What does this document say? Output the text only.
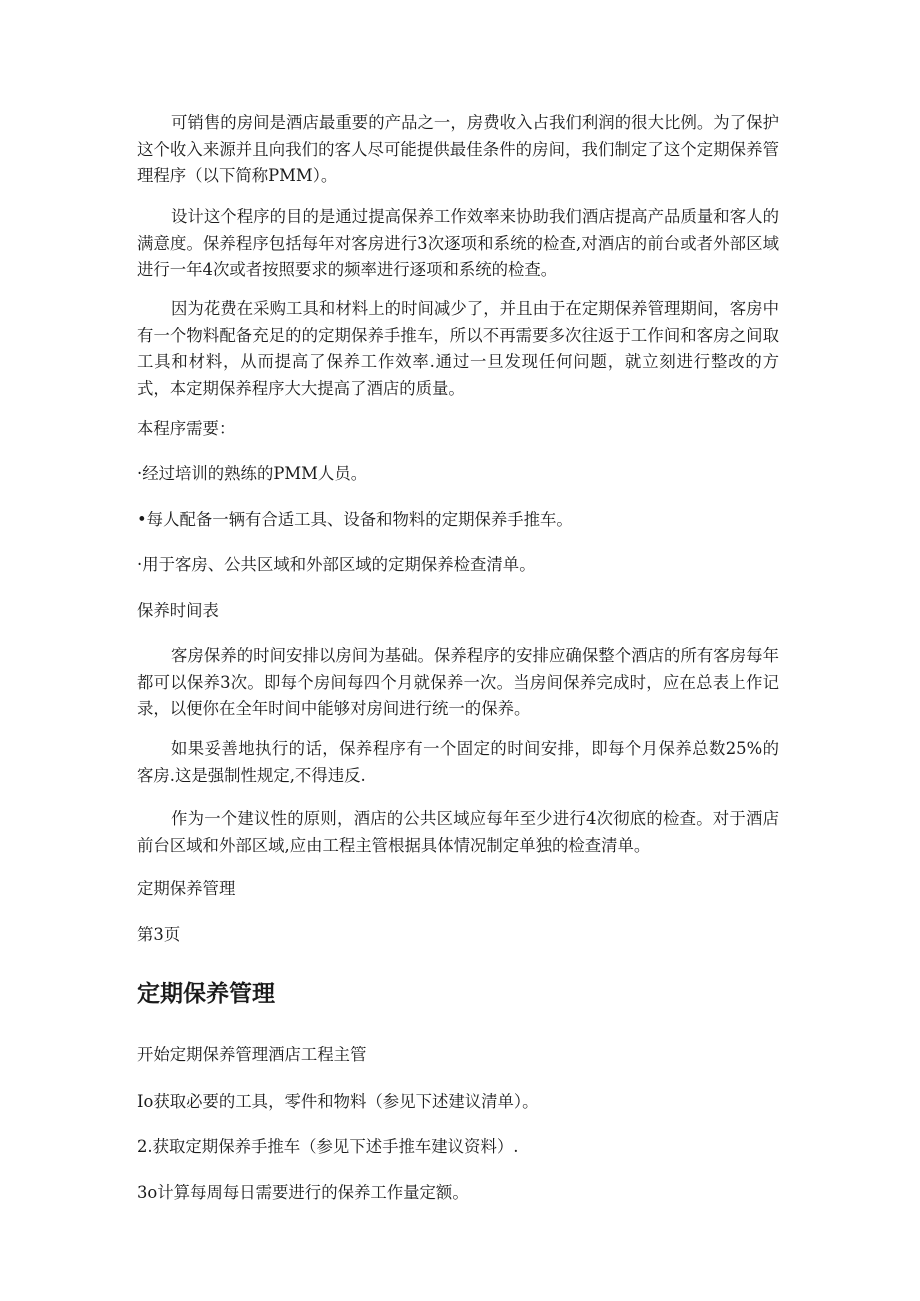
可销售的房间是酒店最重要的产品之一，房费收入占我们利润的很大比例。为了保护这个收入来源并且向我们的客人尽可能提供最佳条件的房间，我们制定了这个定期保养管理程序（以下简称PMM）。

设计这个程序的目的是通过提高保养工作效率来协助我们酒店提高产品质量和客人的满意度。保养程序包括每年对客房进行3次逐项和系统的检查,对酒店的前台或者外部区域进行一年4次或者按照要求的频率进行逐项和系统的检查。

因为花费在采购工具和材料上的时间减少了，并且由于在定期保养管理期间，客房中有一个物料配备充足的的定期保养手推车，所以不再需要多次往返于工作间和客房之间取工具和材料，从而提高了保养工作效率.通过一旦发现任何问题，就立刻进行整改的方式，本定期保养程序大大提高了酒店的质量。

本程序需要：

·经过培训的熟练的PMM人员。

•每人配备一辆有合适工具、设备和物料的定期保养手推车。

·用于客房、公共区域和外部区域的定期保养检查清单。

保养时间表

客房保养的时间安排以房间为基础。保养程序的安排应确保整个酒店的所有客房每年都可以保养3次。即每个房间每四个月就保养一次。当房间保养完成时，应在总表上作记录，以便你在全年时间中能够对房间进行统一的保养。

如果妥善地执行的话，保养程序有一个固定的时间安排，即每个月保养总数25%的客房.这是强制性规定,不得违反.

作为一个建议性的原则，酒店的公共区域应每年至少进行4次彻底的检查。对于酒店前台区域和外部区域,应由工程主管根据具体情况制定单独的检查清单。

定期保养管理

第3页

定期保养管理

开始定期保养管理酒店工程主管

Io获取必要的工具，零件和物料（参见下述建议清单）。

2.获取定期保养手推车（参见下述手推车建议资料）.

3o计算每周每日需要进行的保养工作量定额。
